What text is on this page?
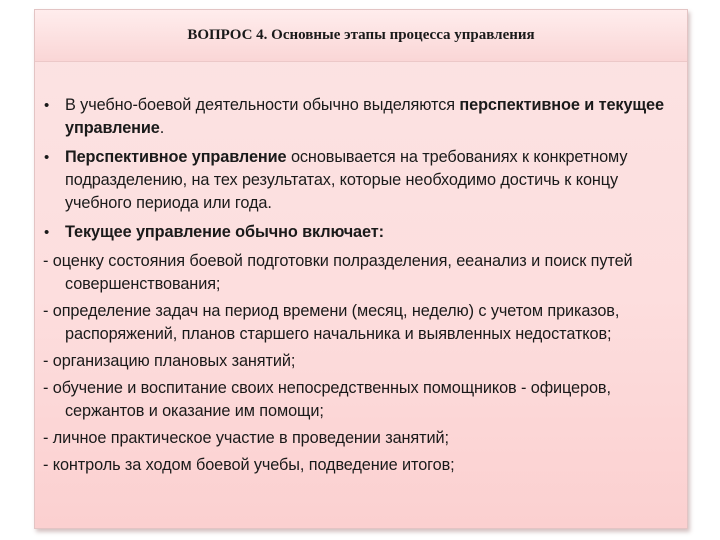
ВОПРОС 4. Основные этапы процесса управления
• В учебно-боевой деятельности обычно выделяются перспективное и текущее управление.
• Перспективное управление основывается на требованиях к конкретному подразделению, на тех результатах, которые необходимо достичь к концу учебного периода или года.
• Текущее управление обычно включает:
- оценку состояния боевой подготовки полразделения, ееанализ и поиск путей совершенствования;
- определение задач на период времени (месяц, неделю) с учетом приказов, распоряжений, планов старшего начальника и выявленных недостатков;
- организацию плановых занятий;
- обучение и воспитание своих непосредственных помощников - офицеров, сержантов и оказание им помощи;
- личное практическое участие в проведении занятий;
- контроль за ходом боевой учебы, подведение итогов;
